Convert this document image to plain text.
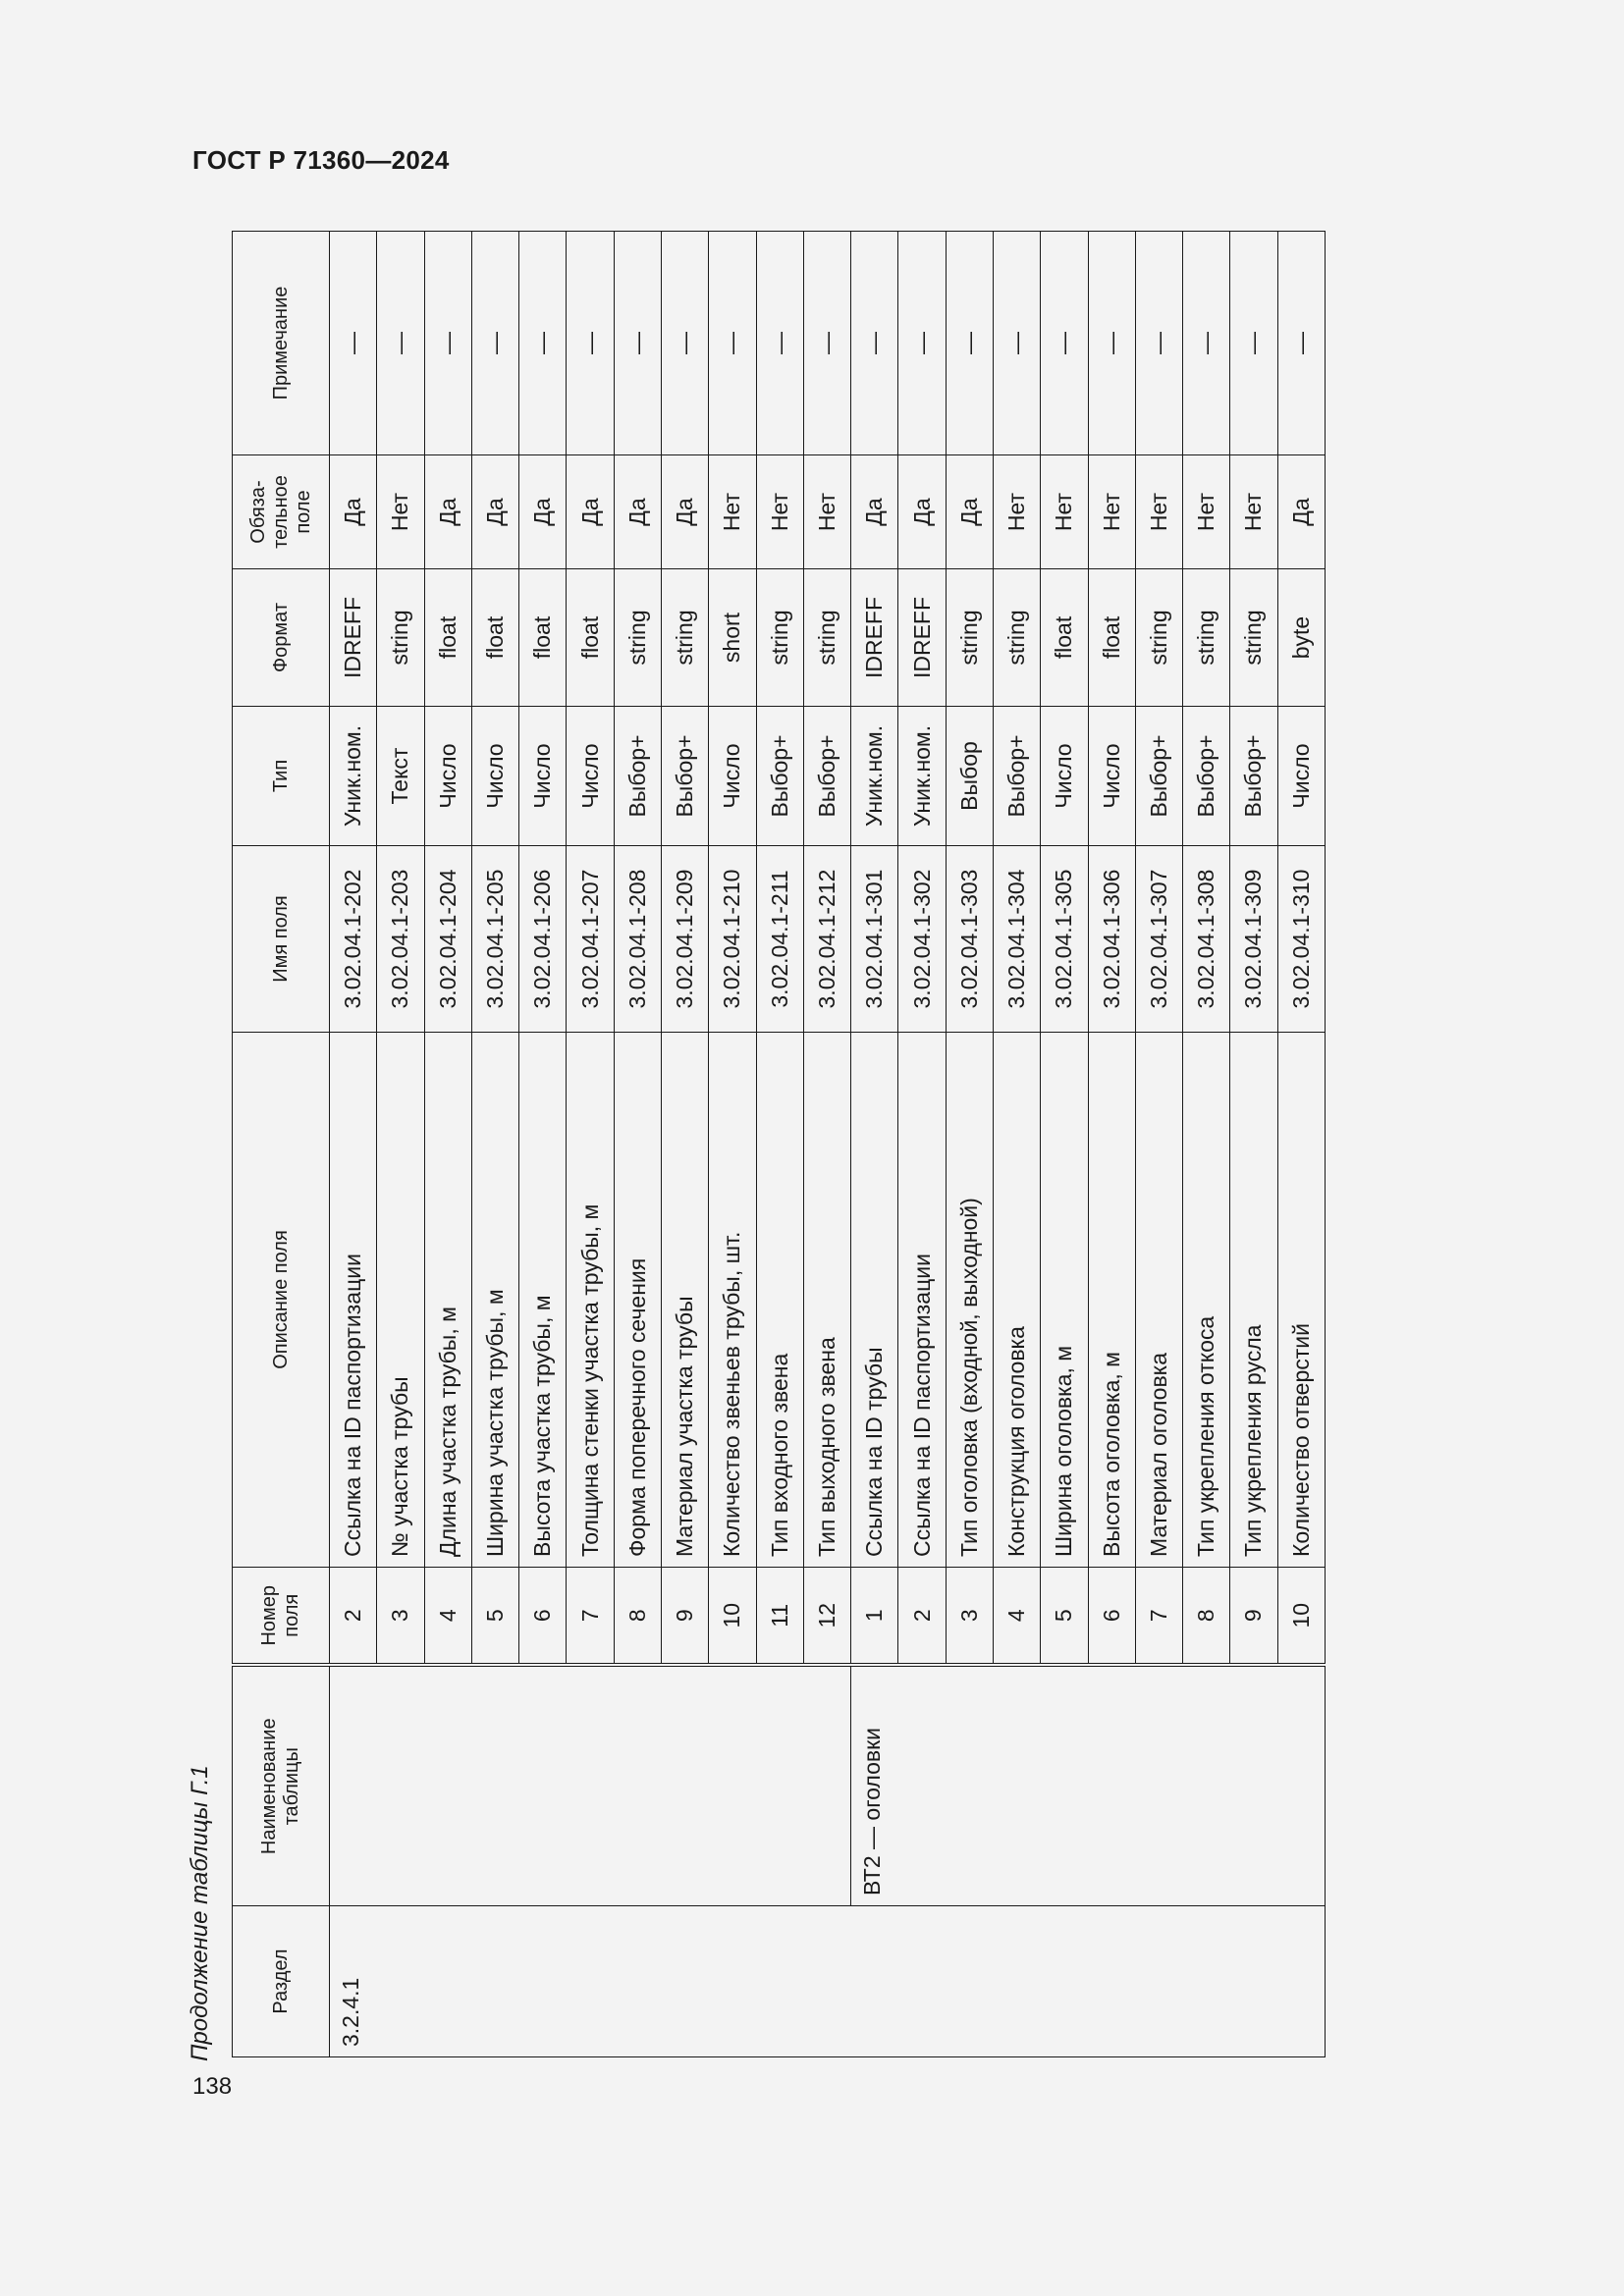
ГОСТ Р 71360—2024
138
Продолжение таблицы Г.1	Раздел	Наименование таблицы	Номер поля	Описание поля	Имя поля	Тип	Формат	Обяза-
тельное
поле	Примечание
3.2.4.1		2	Ссылка на ID паспортизации	3.02.04.1-202	Уник.ном.	IDREFF	Да	—
		3	№ участка трубы	3.02.04.1-203	Текст	string	Нет	—
		4	Длина участка трубы, м	3.02.04.1-204	Число	float	Да	—
		5	Ширина участка трубы, м	3.02.04.1-205	Число	float	Да	—
		6	Высота участка трубы, м	3.02.04.1-206	Число	float	Да	—
		7	Толщина стенки участка трубы, м	3.02.04.1-207	Число	float	Да	—
		8	Форма поперечного сечения	3.02.04.1-208	Выбор+	string	Да	—
		9	Материал участка трубы	3.02.04.1-209	Выбор+	string	Да	—
		10	Количество звеньев трубы, шт.	3.02.04.1-210	Число	short	Нет	—
		11	Тип входного звена	3.02.04.1-211	Выбор+	string	Нет	—
		12	Тип выходного звена	3.02.04.1-212	Выбор+	string	Нет	—
	ВТ2 — оголовки	1	Ссылка на ID трубы	3.02.04.1-301	Уник.ном.	IDREFF	Да	—
		2	Ссылка на ID паспортизации	3.02.04.1-302	Уник.ном.	IDREFF	Да	—
		3	Тип оголовка (входной, выходной)	3.02.04.1-303	Выбор	string	Да	—
		4	Конструкция оголовка	3.02.04.1-304	Выбор+	string	Нет	—
		5	Ширина оголовка, м	3.02.04.1-305	Число	float	Нет	—
		6	Высота оголовка, м	3.02.04.1-306	Число	float	Нет	—
		7	Материал оголовка	3.02.04.1-307	Выбор+	string	Нет	—
		8	Тип укрепления откоса	3.02.04.1-308	Выбор+	string	Нет	—
		9	Тип укрепления русла	3.02.04.1-309	Выбор+	string	Нет	—
		10	Количество отверстий	3.02.04.1-310	Число	byte	Да	—
